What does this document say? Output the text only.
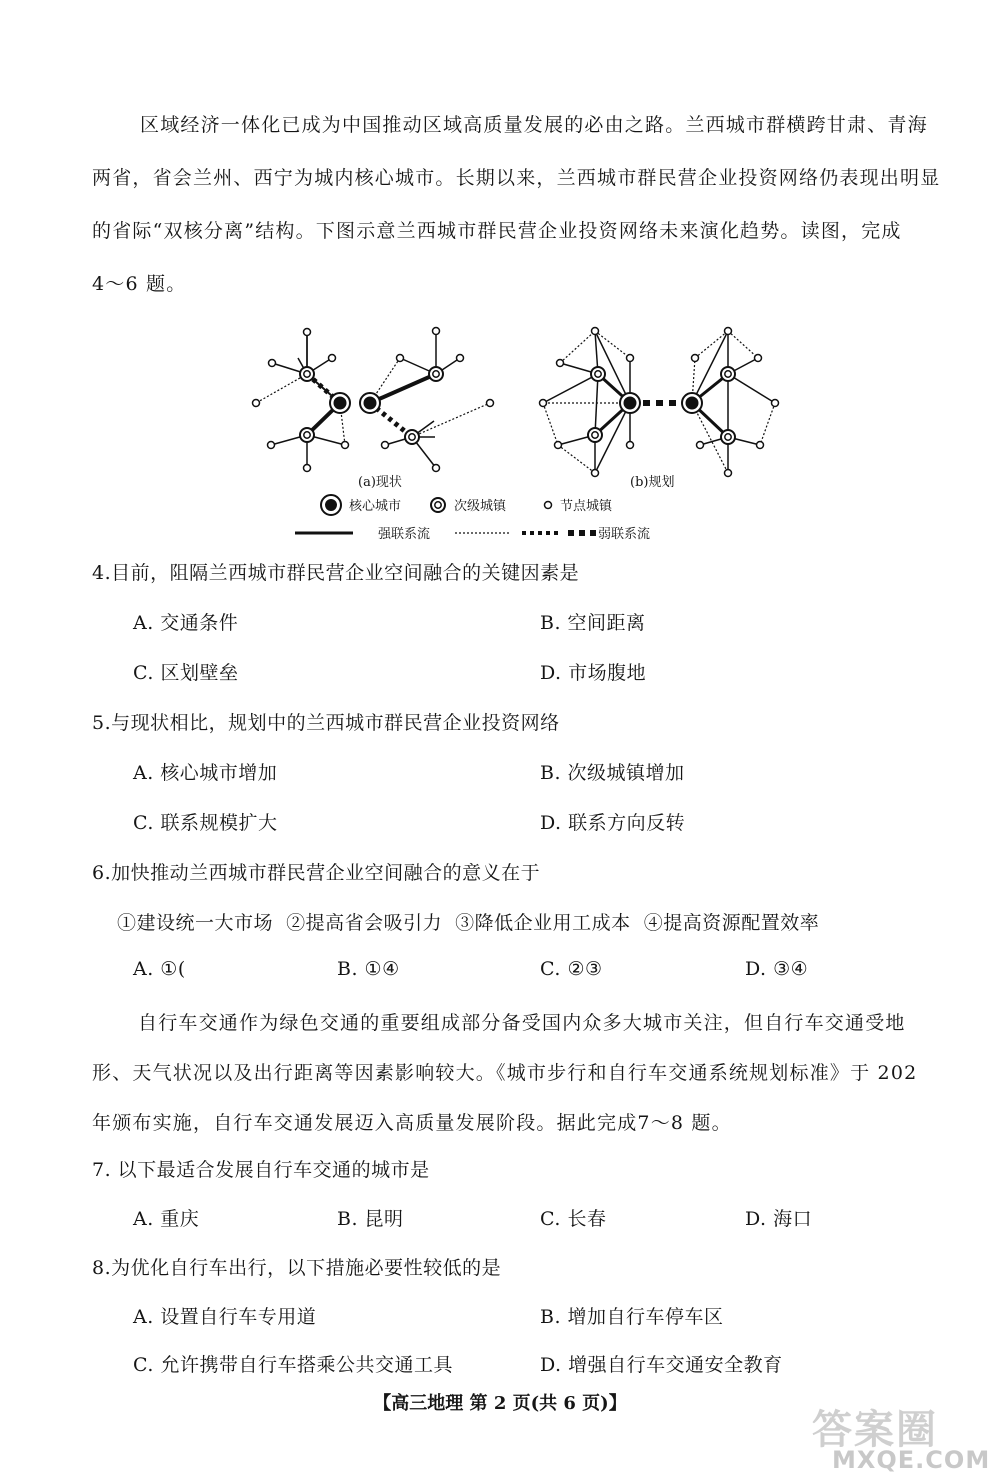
区域经济一体化已成为中国推动区域高质量发展的必由之路。兰西城市群横跨甘肃、青海
两省，省会兰州、西宁为城内核心城市。长期以来，兰西城市群民营企业投资网络仍表现出明显
的省际“双核分离”结构。下图示意兰西城市群民营企业投资网络未来演化趋势。读图，完成
4～6 题。
(a)现状	(b)规划
核心城市	次级城镇	节点城镇
强联系流	弱联系流
4.目前，阻隔兰西城市群民营企业空间融合的关键因素是
A. 交通条件	B. 空间距离
C. 区划壁垒	D. 市场腹地
5.与现状相比，规划中的兰西城市群民营企业投资网络
A. 核心城市增加	B. 次级城镇增加
C. 联系规模扩大	D. 联系方向反转
6.加快推动兰西城市群民营企业空间融合的意义在于
①建设统一大市场  ②提高省会吸引力  ③降低企业用工成本  ④提高资源配置效率
A. ①(	B. ①④	C. ②③	D. ③④
自行车交通作为绿色交通的重要组成部分备受国内众多大城市关注，但自行车交通受地
形、天气状况以及出行距离等因素影响较大。《城市步行和自行车交通系统规划标准》于 202
年颁布实施，自行车交通发展迈入高质量发展阶段。据此完成7～8 题。
7. 以下最适合发展自行车交通的城市是
A. 重庆	B. 昆明	C. 长春	D. 海口
8.为优化自行车出行，以下措施必要性较低的是
A. 设置自行车专用道	B. 增加自行车停车区
C. 允许携带自行车搭乘公共交通工具	D. 增强自行车交通安全教育
【高三地理 第 2 页(共 6 页)】
答案圈
MXQE.COM
